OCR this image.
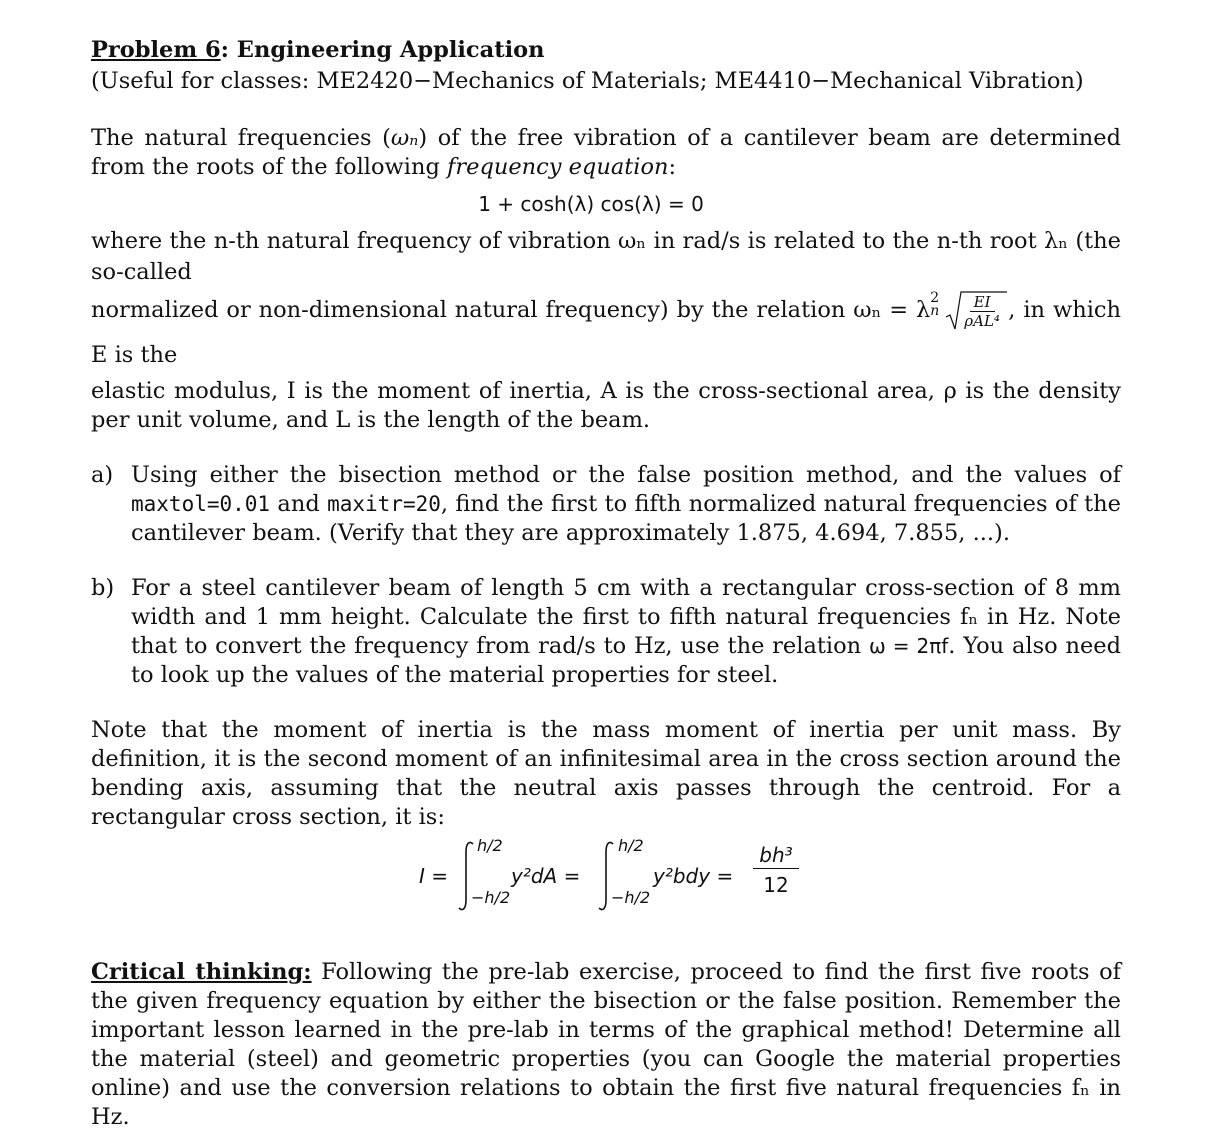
Problem 6: Engineering Application
(Useful for classes: ME2420−Mechanics of Materials; ME4410−Mechanical Vibration)

The natural frequencies (ωₙ) of the free vibration of a cantilever beam are determined from the roots of the following frequency equation:

1 + cosh(λ) cos(λ) = 0

where the n-th natural frequency of vibration ωₙ in rad/s is related to the n-th root λₙ (the so-called

normalized or non-dimensional natural frequency) by the relation ωₙ = λ 2
n	EI
ρAL⁴ , in which E is the

elastic modulus, I is the moment of inertia, A is the cross-sectional area, ρ is the density per unit volume, and L is the length of the beam.

a) Using either the bisection method or the false position method, and the values of maxtol=0.01 and maxitr=20, find the first to fifth normalized natural frequencies of the cantilever beam. (Verify that they are approximately 1.875, 4.694, 7.855, ...).

b) For a steel cantilever beam of length 5 cm with a rectangular cross-section of 8 mm width and 1 mm height. Calculate the first to fifth natural frequencies fₙ in Hz. Note that to convert the frequency from rad/s to Hz, use the relation ω = 2πf. You also need to look up the values of the material properties for steel.

Note that the moment of inertia is the mass moment of inertia per unit mass. By definition, it is the second moment of an infinitesimal area in the cross section around the bending axis, assuming that the neutral axis passes through the centroid. For a rectangular cross section, it is:

I =
h/2
−h/2
y²dA =
h/2
−h/2
y²bdy =
bh³
12

Critical thinking: Following the pre-lab exercise, proceed to find the first five roots of the given frequency equation by either the bisection or the false position. Remember the important lesson learned in the pre-lab in terms of the graphical method! Determine all the material (steel) and geometric properties (you can Google the material properties online) and use the conversion relations to obtain the first five natural frequencies fₙ in Hz.
